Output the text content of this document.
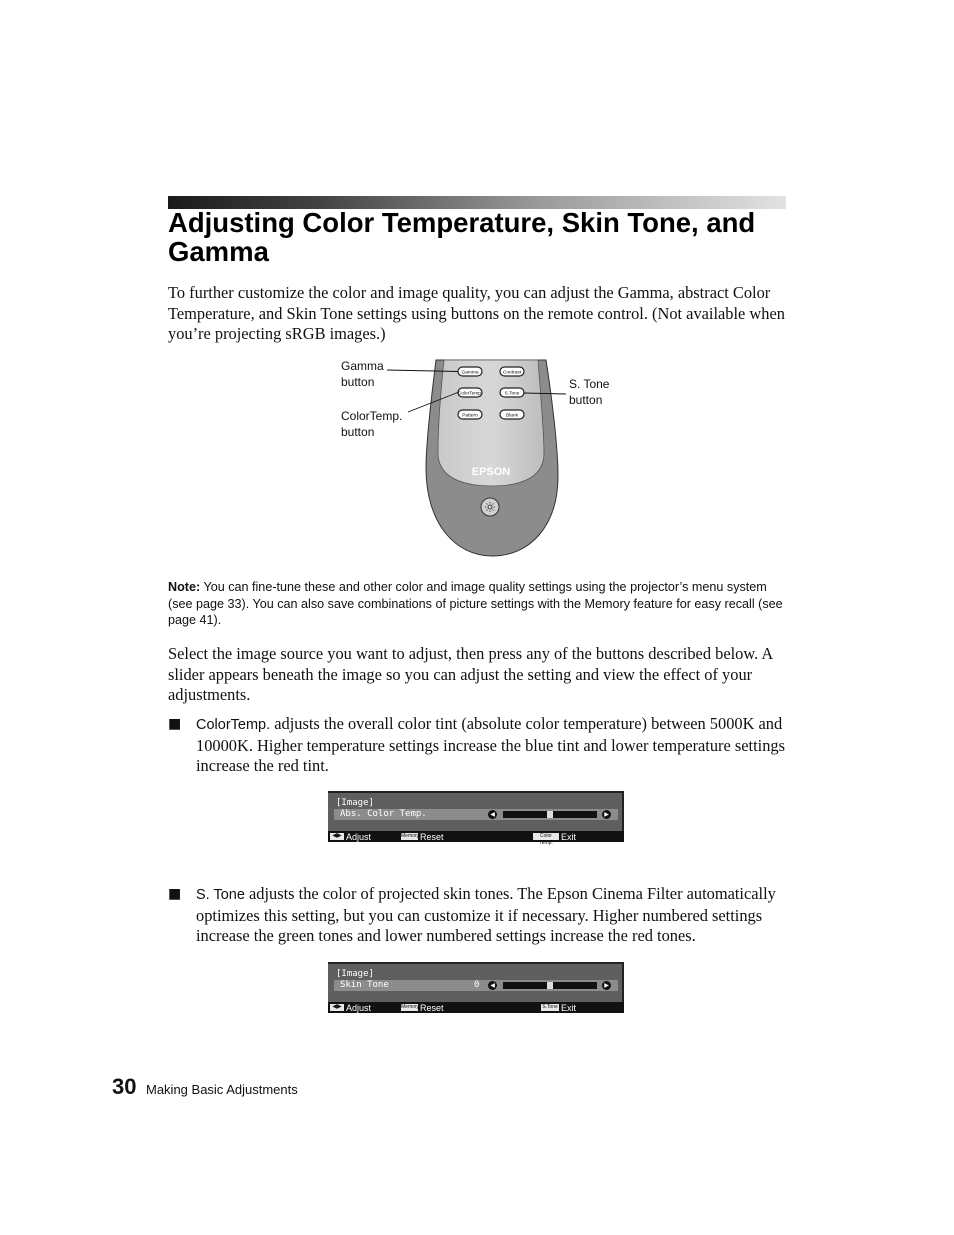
Adjusting Color Temperature, Skin Tone, and Gamma

To further customize the color and image quality, you can adjust the Gamma, abstract Color Temperature, and Skin Tone settings using buttons on the remote control. (Not available when you’re projecting sRGB images.)

Gamma	Contrast
ColorTemp.	S.Tone
Pattern	Blank
EPSON
Gamma
button
ColorTemp.
button
S. Tone
button

Note: You can fine-tune these and other color and image quality settings using the projector’s menu system (see page 33). You can also save combinations of picture settings with the Memory feature for easy recall (see page 41).

Select the image source you want to adjust, then press any of the buttons described below. A slider appears beneath the image so you can adjust the setting and view the effect of your adjustments.

■ ColorTemp. adjusts the overall color tint (absolute color temperature) between 5000K and 10000K. Higher temperature settings increase the blue tint and lower temperature settings increase the red tint.

[Image]
Abs. Color Temp.	◀	▶
◀▶ Adjust	Memory Reset	Color Temp.
Exit
■ S. Tone adjusts the color of projected skin tones. The Epson Cinema Filter automatically optimizes this setting, but you can customize it if necessary. Higher numbered settings increase the green tones and lower numbered settings increase the red tones.

[Image]
Skin Tone	0	◀	▶
◀▶ Adjust	Memory Reset	S.Tone Exit
30 Making Basic Adjustments
